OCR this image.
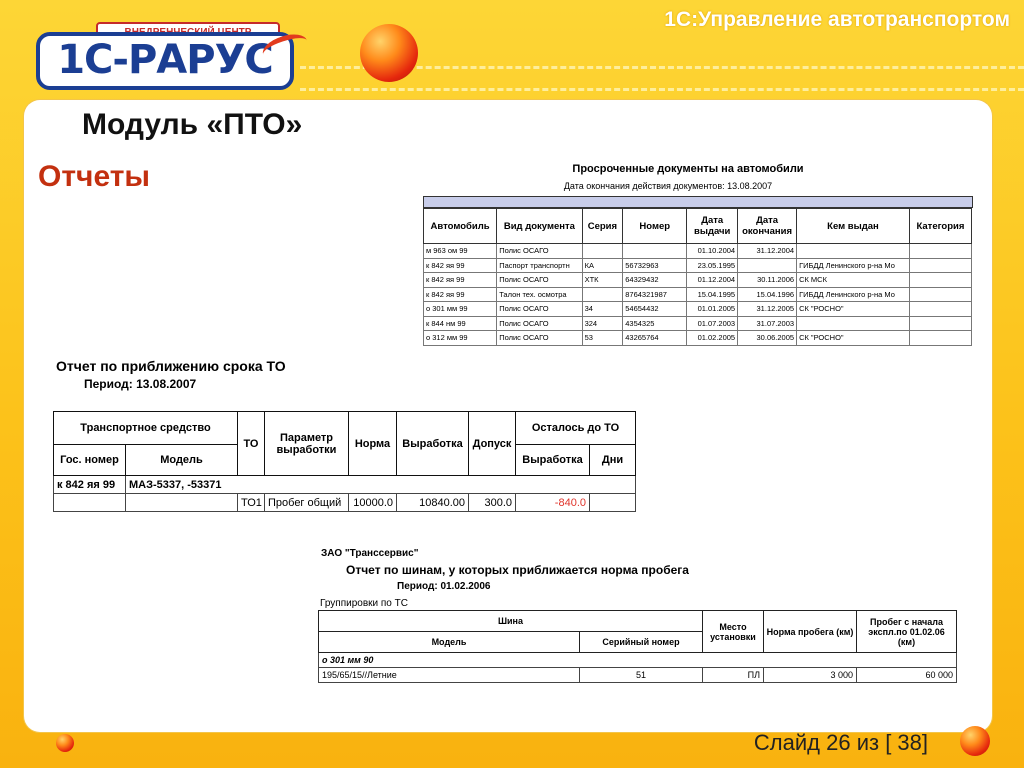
1С:Управление автотранспортом
1С-РАРУС
Модуль «ПТО»
Отчеты	Просроченные документы на автомобили
Дата окончания действия документов: 13.08.2007
Автомобиль	Вид документа	Серия	Номер	Дата выдачи	Дата окончания	Кем выдан	Категория
м 963 ом 99	Полис ОСАГО			01.10.2004	31.12.2004		
к 842 яя 99	Паспорт транспортн	КА	56732963	23.05.1995		ГИБДД Ленинского р-на Мо	
к 842 яя 99	Полис ОСАГО	ХТК	64329432	01.12.2004	30.11.2006	СК МСК	
к 842 яя 99	Талон тех. осмотра		8764321987	15.04.1995	15.04.1996	ГИБДД Ленинского р-на Мо	
о 301 мм 99	Полис ОСАГО	34	54654432	01.01.2005	31.12.2005	СК "РОСНО"	
к 844 нм 99	Полис ОСАГО	324	4354325	01.07.2003	31.07.2003		
о 312 мм 99	Полис ОСАГО	53	43265764	01.02.2005	30.06.2005	СК "РОСНО"	
Отчет по приближению срока ТО
Период: 13.08.2007
Транспортное средство		ТО	Параметр выработки	Норма	Выработка	Допуск	Осталось до ТО	
Гос. номер	Модель						Выработка	Дни
к 842 яя 99	МАЗ-5337, -53371							
		ТО1	Пробег общий	10000.0	10840.00	300.0	-840.0	
ЗАО "Транссервис"
Отчет по шинам, у которых приближается норма пробега
Период: 01.02.2006
Группировки по ТС
Шина		Место установки	Норма пробега (км)	Пробег с начала экспл.по 01.02.06 (км)
Модель	Серийный номер			
о 301 мм 90				
195/65/15//Летние	51	ПЛ	3 000	60 000
Слайд 26 из [ 38]
